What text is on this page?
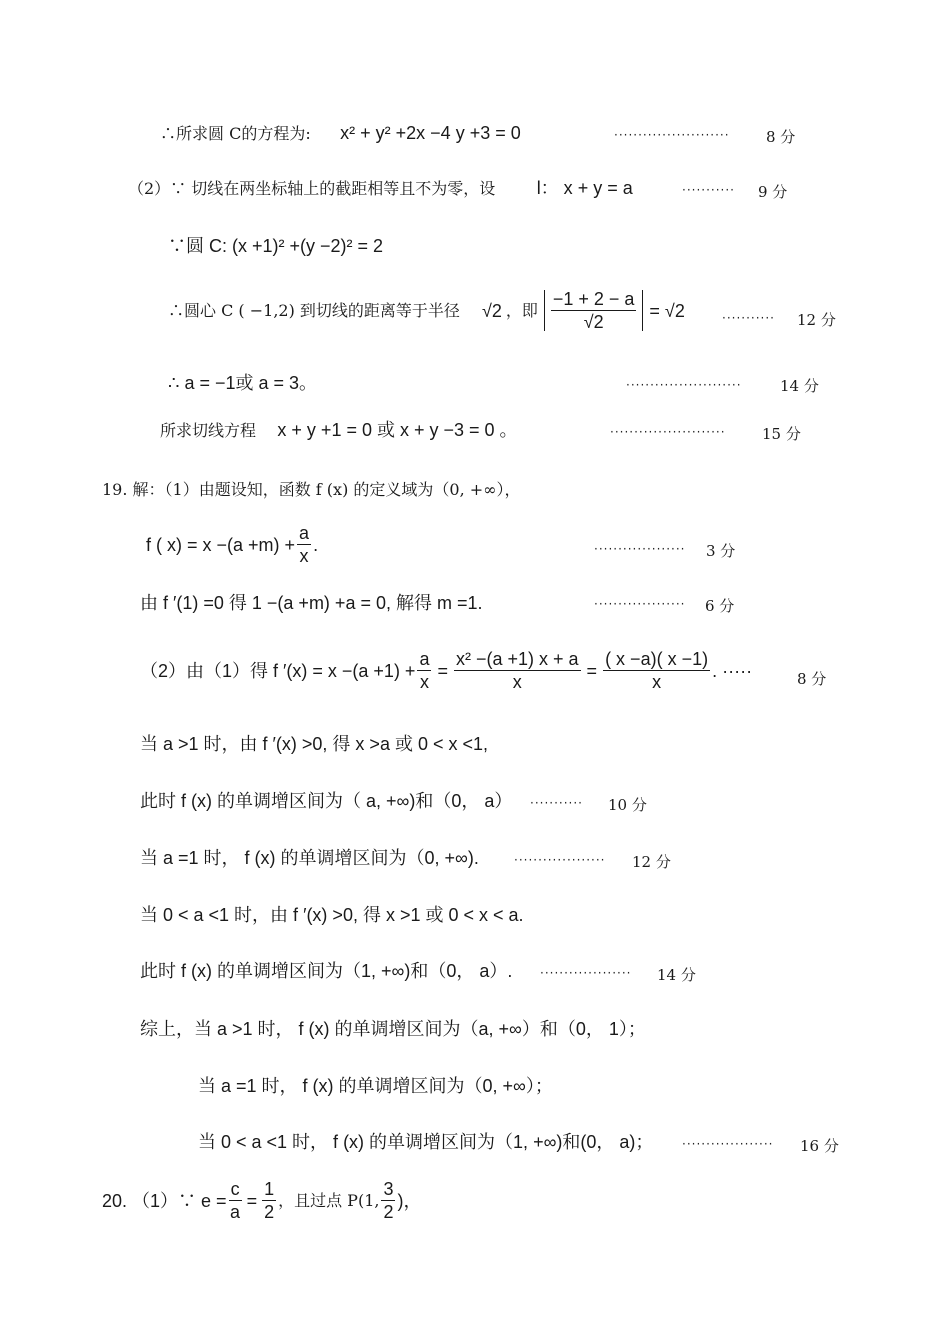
∴所求圆 C的方程为: x² + y² +2x −4 y +3 = 0	························ 8 分
（2）∵ 切线在两坐标轴上的截距相等且不为零，设 l： x + y = a	··········· 9 分
∵圆 C: (x +1)² +(y −2)² = 2
∴圆心 C ( −1,2) 到切线的距离等于半径 √2 ，即 $\frac{-1 + 2 - a}{√2} = √2$	··········· 12 分
∴ a = −1或 a = 3。	························	14 分
所求切线方程 x + y +1 = 0 或 x + y −3 = 0 。	························ 15 分
19. 解：（1）由题设知，函数 f (x) 的定义域为（0, +∞），
f ( $x) = x -(a +m) + \frac{a}{x}$ .	··················· 3 分
由 f ′(1) =0 得 1 −(a +m) +a = 0, 解得 m =1.	··················· 6 分
（2）由（1）得 f $'(x) = x -(a +1) + \frac{a}{x} = \frac{\text{x² −(a +1) x + a}}{x} = \frac{( x -a)( x -1)}{x}$ . ·····	8 分
当 a >1 时，由 f ′(x) >0, 得 x >a 或 0 < x <1,
此时 f (x) 的单调增区间为（ a, +∞)和（0， a） ··········· 10 分
当 a =1 时， f (x) 的单调增区间为（0, +∞).	··················· 12 分
当 0 < a <1 时，由 f ′(x) >0, 得 x >1 或 0 < x < a.
此时 f (x) 的单调增区间为（1, +∞)和（0， a）. ··················· 14 分
综上，当 a >1 时， f (x) 的单调增区间为（a, +∞）和（0， 1）；
当 a =1 时， f (x) 的单调增区间为（0, +∞）；
当 0 < a <1 时， f (x) 的单调增区间为（1, +∞)和(0， a)； ··················· 16 分
20. （1）∵ $e = \frac{c}{a} = \frac{1}{2}$ ，且过点 P(1, $\frac{3}{2}$ )，
